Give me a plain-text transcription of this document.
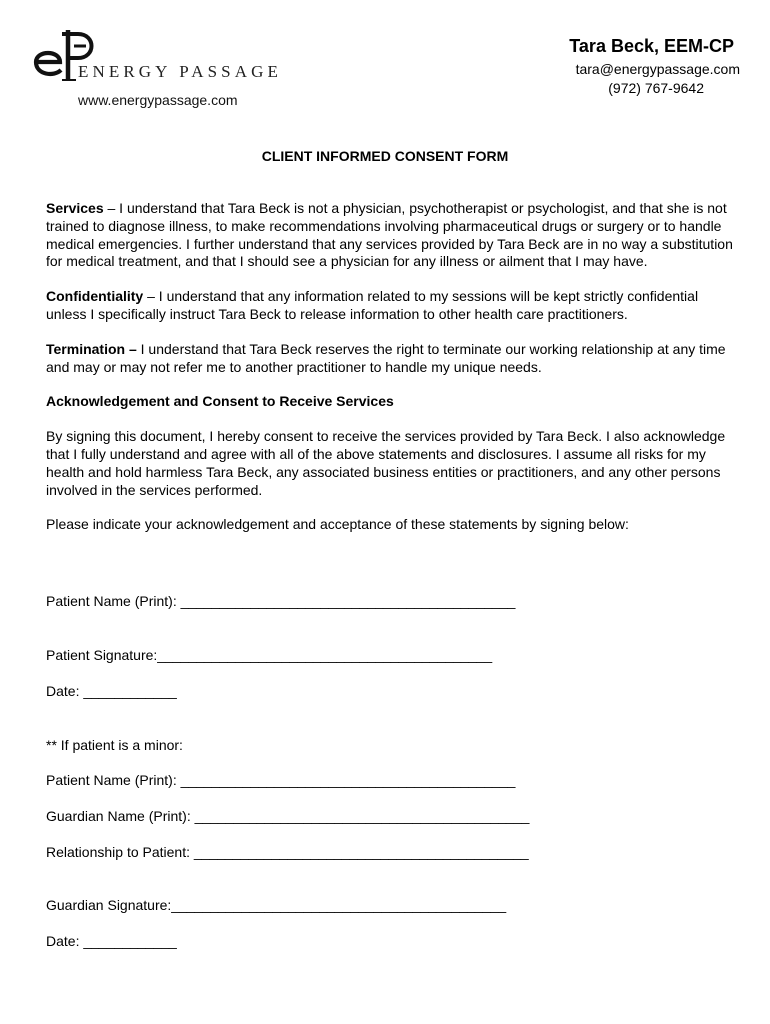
ENERGY PASSAGE
www.energypassage.com
Tara Beck, EEM-CP
tara@energypassage.com
(972) 767-9642
CLIENT INFORMED CONSENT FORM

Services – I understand that Tara Beck is not a physician, psychotherapist or psychologist, and that she is not trained to diagnose illness, to make recommendations involving pharmaceutical drugs or surgery or to handle medical emergencies. I further understand that any services provided by Tara Beck are in no way a substitution for medical treatment, and that I should see a physician for any illness or ailment that I may have.

Confidentiality – I understand that any information related to my sessions will be kept strictly confidential unless I specifically instruct Tara Beck to release information to other health care practitioners.

Termination – I understand that Tara Beck reserves the right to terminate our working relationship at any time and may or may not refer me to another practitioner to handle my unique needs.

Acknowledgement and Consent to Receive Services

By signing this document, I hereby consent to receive the services provided by Tara Beck. I also acknowledge that I fully understand and agree with all of the above statements and disclosures. I assume all risks for my health and hold harmless Tara Beck, any associated business entities or practitioners, and any other persons involved in the services performed.

Please indicate your acknowledgement and acceptance of these statements by signing below:

Patient Name (Print): ___________________________________________
Patient Signature:___________________________________________
Date: ____________
** If patient is a minor:
Patient Name (Print): ___________________________________________
Guardian Name (Print): ___________________________________________
Relationship to Patient: ___________________________________________
Guardian Signature:___________________________________________
Date: ____________
